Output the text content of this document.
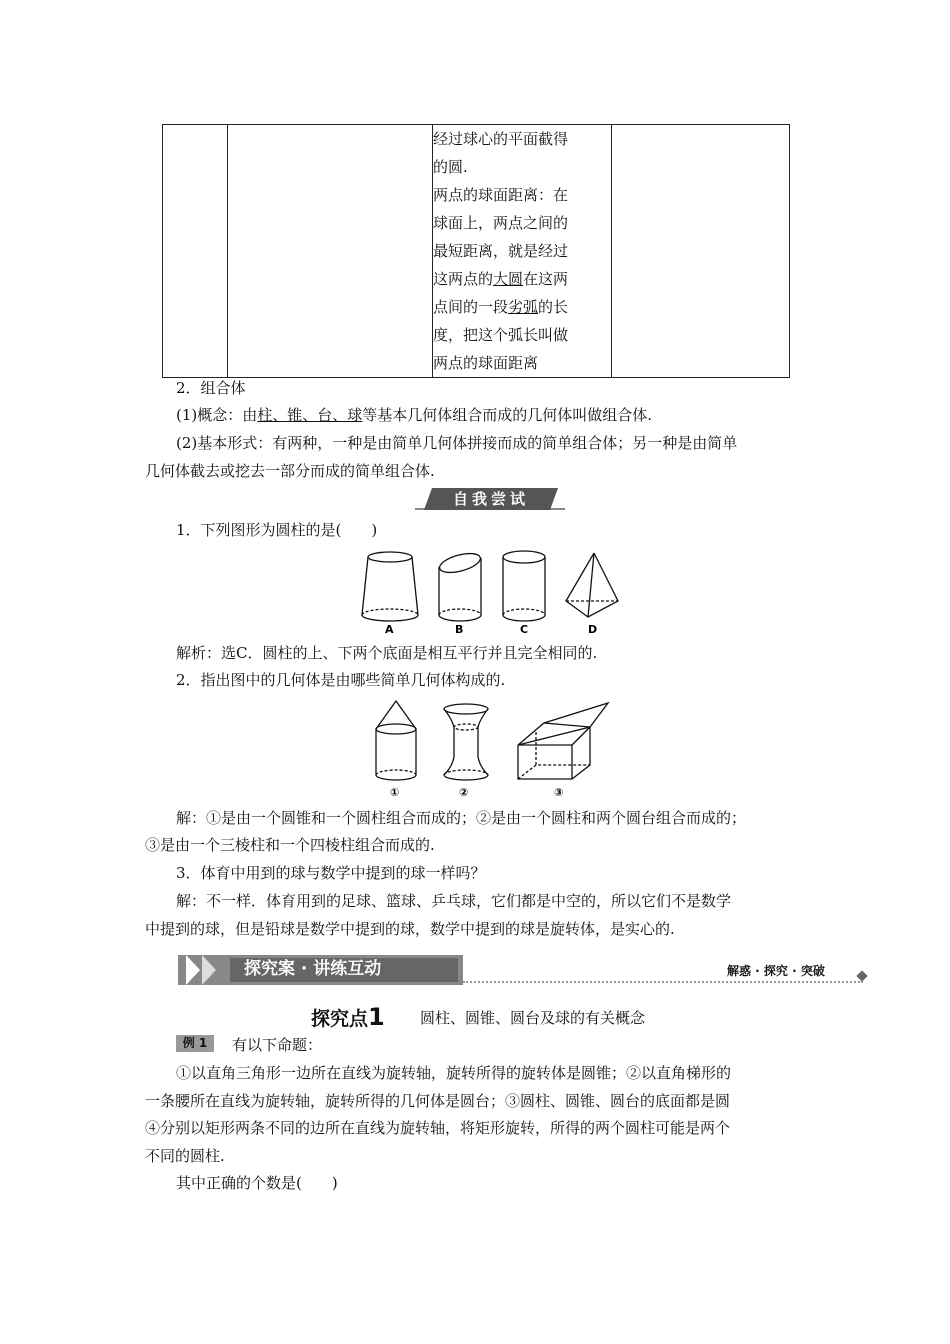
经过球心的平面截得
的圆.
两点的球面距离：在
球面上，两点之间的
最短距离，就是经过
这两点的大圆在这两
点间的一段劣弧的长
度，把这个弧长叫做
两点的球面距离

2．组合体
(1)概念：由柱、锥、台、球等基本几何体组合而成的几何体叫做组合体.
(2)基本形式：有两种，一种是由简单几何体拼接而成的简单组合体；另一种是由简单
几何体截去或挖去一部分而成的简单组合体.
自我尝试
1．下列图形为圆柱的是(　　)
A	B	C	D
解析：选C．圆柱的上、下两个底面是相互平行并且完全相同的.
2．指出图中的几何体是由哪些简单几何体构成的.
①	②	③
解：①是由一个圆锥和一个圆柱组合而成的；②是由一个圆柱和两个圆台组合而成的；
③是由一个三棱柱和一个四棱柱组合而成的.
3．体育中用到的球与数学中提到的球一样吗？
解：不一样．体育用到的足球、篮球、乒乓球，它们都是中空的，所以它们不是数学
中提到的球，但是铅球是数学中提到的球，数学中提到的球是旋转体，是实心的.
探究案 · 讲练互动	解惑 · 探究 · 突破
探究点1 圆柱、圆锥、圆台及球的有关概念
例 1	有以下命题：
①以直角三角形一边所在直线为旋转轴，旋转所得的旋转体是圆锥；②以直角梯形的
一条腰所在直线为旋转轴，旋转所得的几何体是圆台；③圆柱、圆锥、圆台的底面都是圆
④分别以矩形两条不同的边所在直线为旋转轴，将矩形旋转，所得的两个圆柱可能是两个
不同的圆柱.
其中正确的个数是(　　)
